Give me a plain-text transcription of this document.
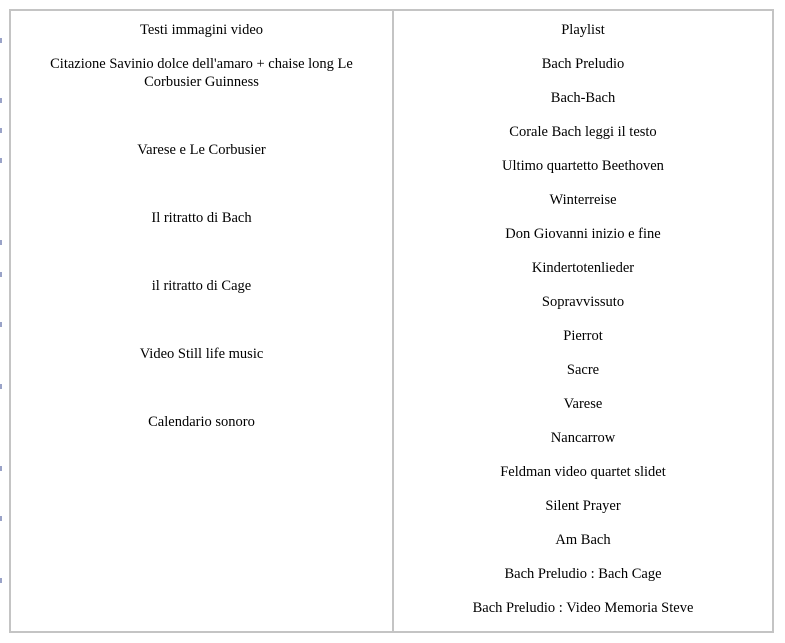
Testi immagini video
Citazione Savinio dolce dell'amaro + chaise long Le Corbusier Guinness
Varese e Le Corbusier
Il ritratto di Bach
il ritratto di Cage
Video Still life music
Calendario sonoro
Playlist
Bach Preludio
Bach-Bach
Corale Bach leggi il testo
Ultimo quartetto Beethoven
Winterreise
Don Giovanni inizio e fine
Kindertotenlieder
Sopravvissuto
Pierrot
Sacre
Varese
Nancarrow
Feldman video quartet slidet
Silent Prayer
Am Bach
Bach Preludio : Bach Cage
Bach Preludio : Video Memoria Steve
